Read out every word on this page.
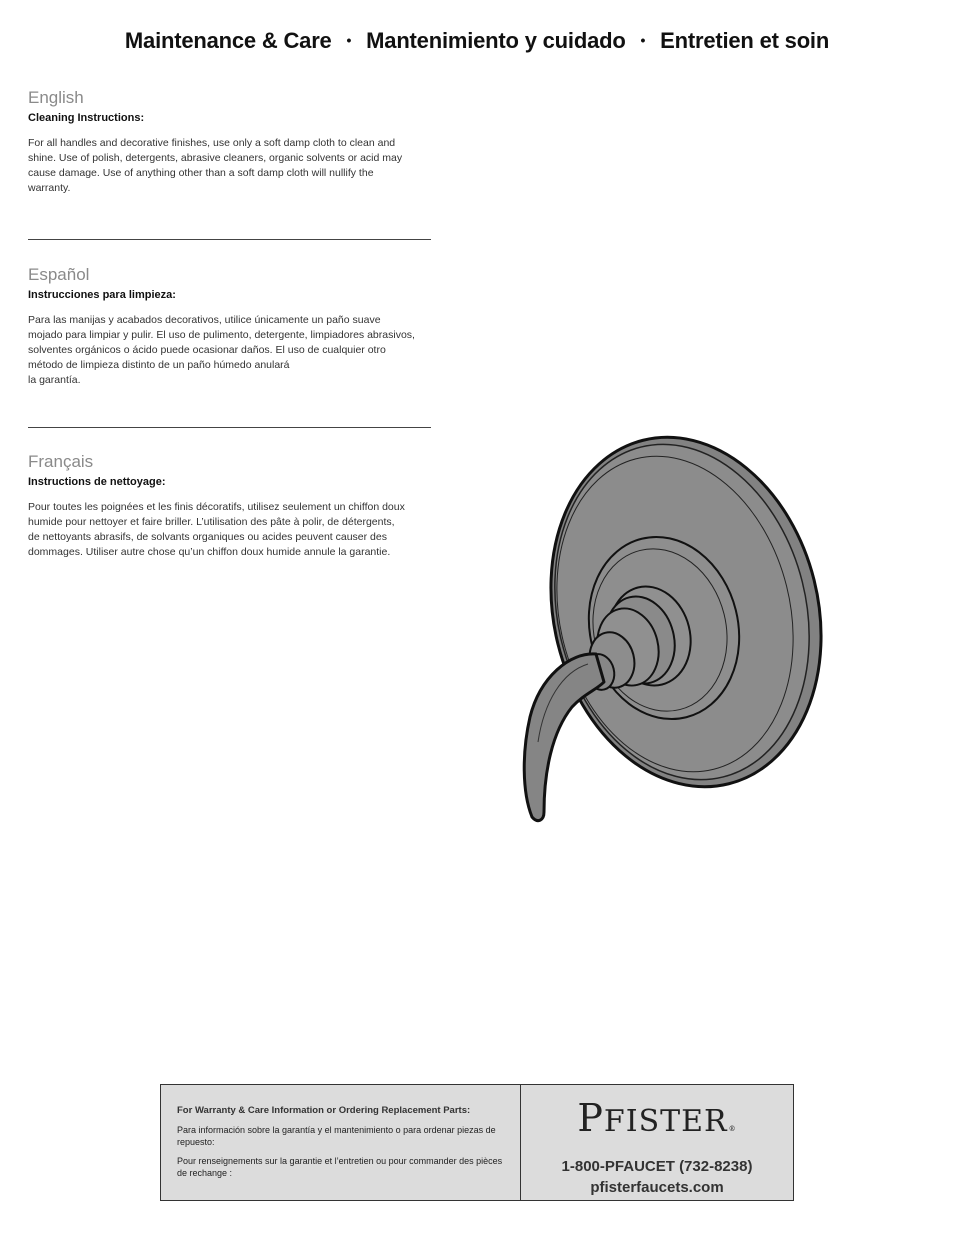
Maintenance & Care • Mantenimiento y cuidado • Entretien et soin
English
Cleaning Instructions:

For all handles and decorative finishes, use only a soft damp cloth to clean and
shine. Use of polish, detergents, abrasive cleaners, organic solvents or acid may
cause damage. Use of anything other than a soft damp cloth will nullify the
warranty.

Español
Instrucciones para limpieza:

Para las manijas y acabados decorativos, utilice únicamente un paño suave
mojado para limpiar y pulir. El uso de pulimento, detergente, limpiadores abrasivos,
solventes orgánicos o ácido puede ocasionar daños. El uso de cualquier otro
método de limpieza distinto de un paño húmedo anulará
la garantía.

Français
Instructions de nettoyage:

Pour toutes les poignées et les finis décoratifs, utilisez seulement un chiffon doux
humide pour nettoyer et faire briller. L’utilisation des pâte à polir, de détergents,
de nettoyants abrasifs, de solvants organiques ou acides peuvent causer des
dommages. Utiliser autre chose qu’un chiffon doux humide annule la garantie.

For Warranty & Care Information or Ordering Replacement Parts:
Para información sobre la garantía y el mantenimiento o para ordenar piezas de repuesto:
Pour renseignements sur la garantie et l’entretien ou pour commander des pièces de rechange :
PFISTER®
1-800-PFAUCET (732-8238)
pfisterfaucets.com
